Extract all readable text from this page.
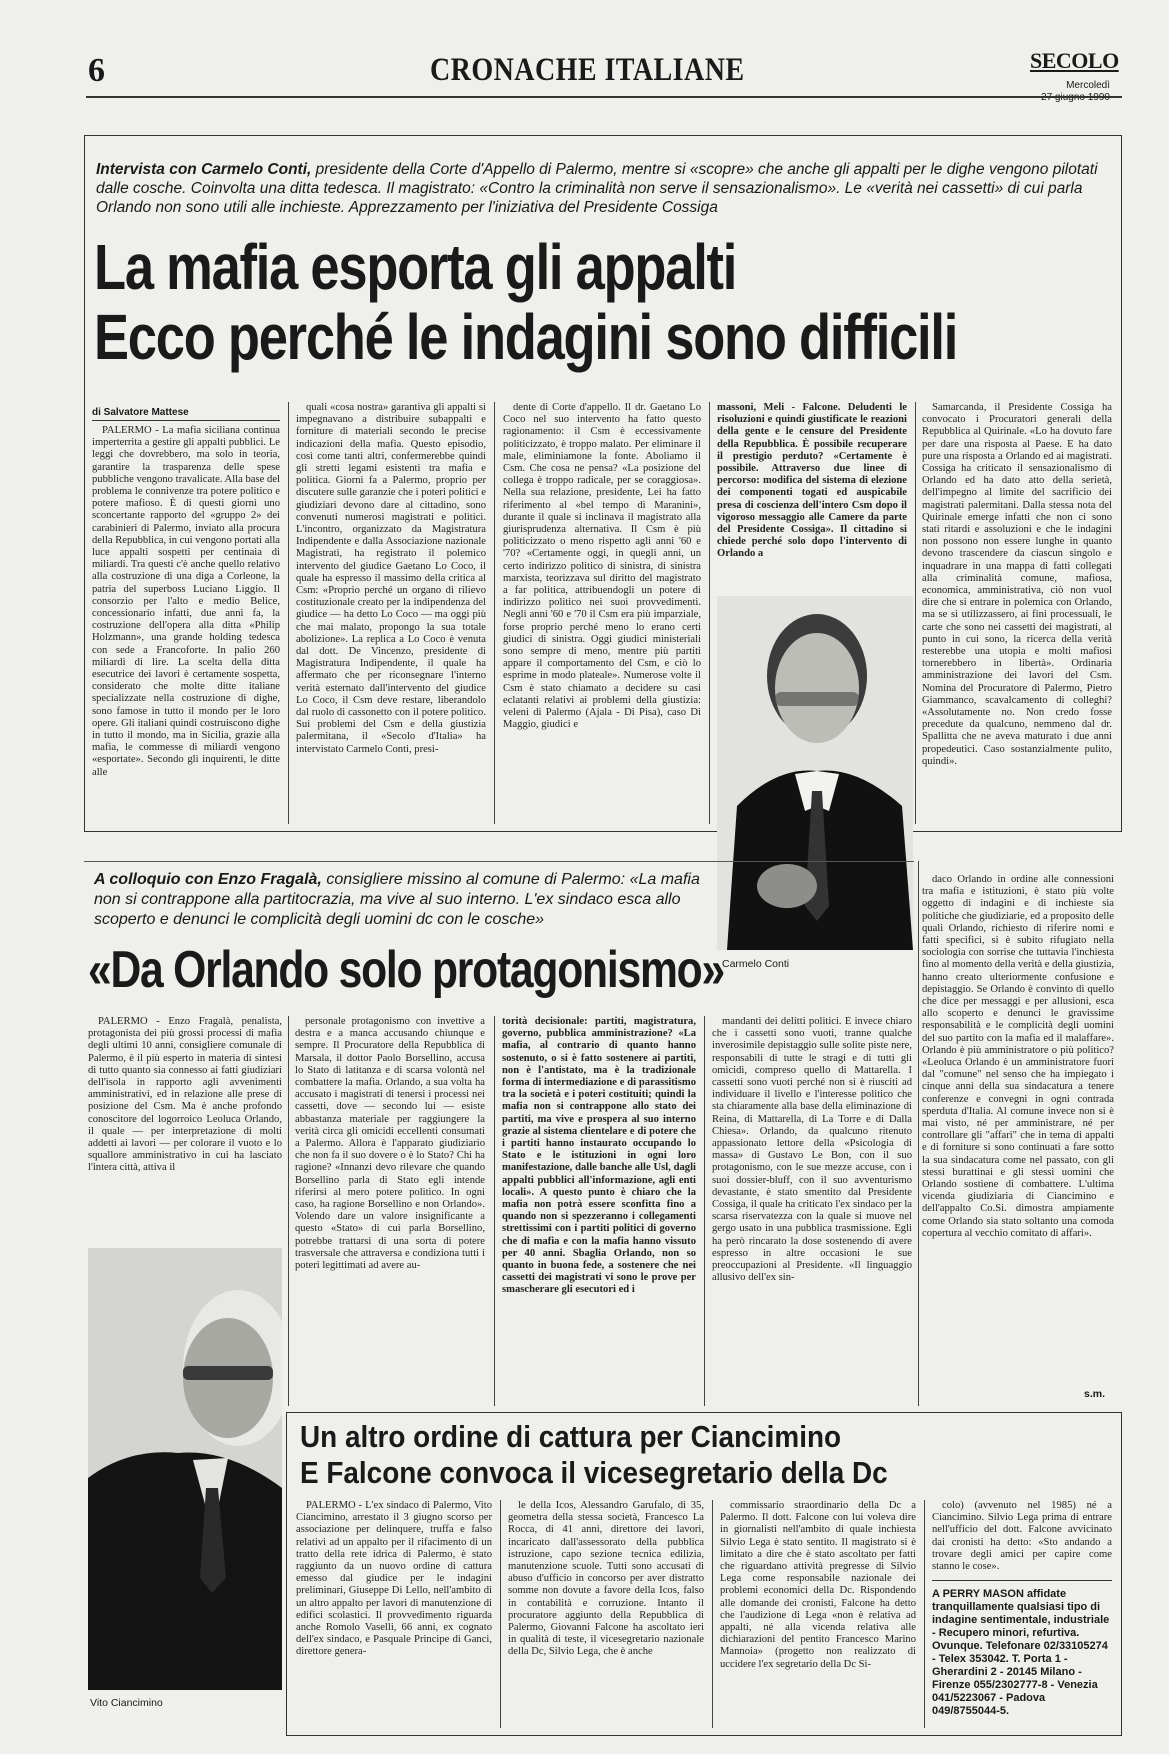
6	CRONACHE ITALIANE	SECOLO
Mercoledì
Intervista con Carmelo Conti, presidente della Corte d'Appello di Palermo, mentre si «scopre» che anche gli appalti per le dighe vengono pilotati dalle cosche. Coinvolta una ditta tedesca. Il magistrato: «Contro la criminalità non serve il sensazionalismo». Le «verità nei cassetti» di cui parla Orlando non sono utili alle inchieste. Apprezzamento per l'iniziativa del Presidente Cossiga
La mafia esporta gli appalti
Ecco perché le indagini sono difficili
di Salvatore Mattese

PALERMO - La mafia siciliana continua imperterrita a gestire gli appalti pubblici. Le leggi che dovrebbero, ma solo in teoria, garantire la trasparenza delle spese pubbliche vengono travalicate. Alla base del problema le connivenze tra potere politico e potere mafioso. È di questi giorni uno sconcertante rapporto del «gruppo 2» dei carabinieri di Palermo, inviato alla procura della Repubblica, in cui vengono portati alla luce appalti sospetti per centinaia di miliardi. Tra questi c'è anche quello relativo alla costruzione di una diga a Corleone, la patria del superboss Luciano Liggio. Il consorzio per l'alto e medio Belice, concessionario infatti, due anni fa, la costruzione dell'opera alla ditta «Philip Holzmann», una grande holding tedesca con sede a Francoforte. In palio 260 miliardi di lire. La scelta della ditta esecutrice dei lavori è certamente sospetta, considerato che molte ditte italiane specializzate nella costruzione di dighe, sono famose in tutto il mondo per le loro opere. Gli italiani quindi costruiscono dighe in tutto il mondo, ma in Sicilia, grazie alla mafia, le commesse di miliardi vengono «esportate». Secondo gli inquirenti, le ditte alle

quali «cosa nostra» garantiva gli appalti si impegnavano a distribuire subappalti e forniture di materiali secondo le precise indicazioni della mafia. Questo episodio, così come tanti altri, confermerebbe quindi gli stretti legami esistenti tra mafia e politica. Giorni fa a Palermo, proprio per discutere sulle garanzie che i poteri politici e giudiziari devono dare al cittadino, sono convenuti numerosi magistrati e politici. L'incontro, organizzato da Magistratura Indipendente e dalla Associazione nazionale Magistrati, ha registrato il polemico intervento del giudice Gaetano Lo Coco, il quale ha espresso il massimo della critica al Csm: «Proprio perché un organo di rilievo costituzionale creato per la indipendenza del giudice — ha detto Lo Coco — ma oggi più che mai malato, propongo la sua totale abolizione». La replica a Lo Coco è venuta dal dott. De Vincenzo, presidente di Magistratura Indipendente, il quale ha affermato che per riconsegnare l'interno verità esternato dall'intervento del giudice Lo Coco, il Csm deve restare, liberandolo dal ruolo di cassonetto con il potere politico. Sui problemi del Csm e della giustizia palermitana, il «Secolo d'Italia» ha intervistato Carmelo Conti, presi-

dente di Corte d'appello. Il dr. Gaetano Lo Coco nel suo intervento ha fatto questo ragionamento: il Csm è eccessivamente politicizzato, è troppo malato. Per eliminare il male, eliminiamone la fonte. Aboliamo il Csm. Che cosa ne pensa? «La posizione del collega è troppo radicale, per se coraggiosa». Nella sua relazione, presidente, Lei ha fatto riferimento al «bel tempo di Maranini», durante il quale si inclinava il magistrato alla giurisprudenza alternativa. Il Csm è più politicizzato o meno rispetto agli anni '60 e '70? «Certamente oggi, in quegli anni, un certo indirizzo politico di sinistra, di sinistra marxista, teorizzava sul diritto del magistrato a far politica, attribuendogli un potere di indirizzo politico nei suoi provvedimenti. Negli anni '60 e '70 il Csm era più imparziale, forse proprio perché meno lo erano certi giudici di sinistra. Oggi giudici ministeriali sono sempre di meno, mentre più partiti appare il comportamento del Csm, e ciò lo esprime in modo plateale». Numerose volte il Csm è stato chiamato a decidere su casi eclatanti relativi ai problemi della giustizia: veleni di Palermo (Ajala - Di Pisa), caso Di Maggio, giudici e

massoni, Meli - Falcone. Deludenti le risoluzioni e quindi giustificate le reazioni della gente e le censure del Presidente della Repubblica. È possibile recuperare il prestigio perduto? «Certamente è possibile. Attraverso due linee di percorso: modifica del sistema di elezione dei componenti togati ed auspicabile presa di coscienza dell'intero Csm dopo il vigoroso messaggio alle Camere da parte del Presidente Cossiga». Il cittadino si chiede perché solo dopo l'intervento di Orlando a

Samarcanda, il Presidente Cossiga ha convocato i Procuratori generali della Repubblica al Quirinale. «Lo ha dovuto fare per dare una risposta al Paese. E ha dato pure una risposta a Orlando ed ai magistrati. Cossiga ha criticato il sensazionalismo di Orlando ed ha dato atto della serietà, dell'impegno al limite del sacrificio dei magistrati palermitani. Dalla stessa nota del Quirinale emerge infatti che non ci sono stati ritardi e assoluzioni e che le indagini non possono non essere lunghe in quanto devono trascendere da ciascun singolo e inquadrare in una mappa di fatti collegati alla criminalità comune, mafiosa, economica, amministrativa, ciò non vuol dire che si entrare in polemica con Orlando, ma se si utilizzassero, ai fini processuali, le carte che sono nei cassetti dei magistrati, al punto in cui sono, la ricerca della verità resterebbe una utopia e molti mafiosi tornerebbero in libertà». Ordinaria amministrazione dei lavori del Csm. Nomina del Procuratore di Palermo, Pietro Giammanco, scavalcamento di colleghi? «Assolutamente no. Non credo fosse precedute da qualcuno, nemmeno dal dr. Spallitta che ne aveva maturato i due anni propedeutici. Caso sostanzialmente pulito, quindi».

Carmelo Conti
A colloquio con Enzo Fragalà, consigliere missino al comune di Palermo: «La mafia non si contrappone alla partitocrazia, ma vive al suo interno. L'ex sindaco esca allo scoperto e denunci le complicità degli uomini dc con le cosche»
«Da Orlando solo protagonismo»

PALERMO - Enzo Fragalà, penalista, protagonista dei più grossi processi di mafia degli ultimi 10 anni, consigliere comunale di Palermo, è il più esperto in materia di sintesi di tutto quanto sia connesso ai fatti giudiziari dell'isola in rapporto agli avvenimenti amministrativi, ed in relazione alle prese di posizione del Csm. Ma è anche profondo conoscitore del logorroico Leoluca Orlando, il quale — per interpretazione di molti addetti ai lavori — per colorare il vuoto e lo squallore amministrativo in cui ha lasciato l'intera città, attiva il

personale protagonismo con invettive a destra e a manca accusando chiunque e sempre. Il Procuratore della Repubblica di Marsala, il dottor Paolo Borsellino, accusa lo Stato di latitanza e di scarsa volontà nel combattere la mafia. Orlando, a sua volta ha accusato i magistrati di tenersi i processi nei cassetti, dove — secondo lui — esiste abbastanza materiale per raggiungere la verità circa gli omicidi eccellenti consumati a Palermo. Allora è l'apparato giudiziario che non fa il suo dovere o è lo Stato? Chi ha ragione? «Innanzi devo rilevare che quando Borsellino parla di Stato egli intende riferirsi al mero potere politico. In ogni caso, ha ragione Borsellino e non Orlando». Volendo dare un valore insignificante a questo «Stato» di cui parla Borsellino, potrebbe trattarsi di una sorta di potere trasversale che attraversa e condiziona tutti i poteri legittimati ad avere au-

torità decisionale: partiti, magistratura, governo, pubblica amministrazione? «La mafia, al contrario di quanto hanno sostenuto, o si è fatto sostenere ai partiti, non è l'antistato, ma è la tradizionale forma di intermediazione e di parassitismo tra la società e i poteri costituiti; quindi la mafia non si contrappone allo stato dei partiti, ma vive e prospera al suo interno grazie al sistema clientelare e di potere che i partiti hanno instaurato occupando lo Stato e le istituzioni in ogni loro manifestazione, dalle banche alle Usl, dagli appalti pubblici all'informazione, agli enti locali». A questo punto è chiaro che la mafia non potrà essere sconfitta fino a quando non si spezzeranno i collegamenti strettissimi con i partiti politici di governo che di mafia e con la mafia hanno vissuto per 40 anni. Sbaglia Orlando, non so quanto in buona fede, a sostenere che nei cassetti dei magistrati vi sono le prove per smascherare gli esecutori ed i

mandanti dei delitti politici. È invece chiaro che i cassetti sono vuoti, tranne qualche inverosimile depistaggio sulle solite piste nere, responsabili di tutte le stragi e di tutti gli omicidi, compreso quello di Mattarella. I cassetti sono vuoti perché non si è riusciti ad individuare il livello e l'interesse politico che sta chiaramente alla base della eliminazione di Reina, di Mattarella, di La Torre e di Dalla Chiesa». Orlando, da qualcuno ritenuto appassionato lettore della «Psicologia di massa» di Gustavo Le Bon, con il suo protagonismo, con le sue mezze accuse, con i suoi dossier-bluff, con il suo avventurismo devastante, è stato smentito dal Presidente Cossiga, il quale ha criticato l'ex sindaco per la scarsa riservatezza con la quale si muove nel gergo usato in una pubblica trasmissione. Egli ha però rincarato la dose sostenendo di avere espresso in altre occasioni le sue preoccupazioni al Presidente. «Il linguaggio allusivo dell'ex sin-

daco Orlando in ordine alle connessioni tra mafia e istituzioni, è stato più volte oggetto di indagini e di inchieste sia politiche che giudiziarie, ed a proposito delle quali Orlando, richiesto di riferire nomi e fatti specifici, si è subito rifugiato nella sociologia con sorrise che tuttavia l'inchiesta fino al momento della verità e della giustizia, hanno creato ulteriormente confusione e depistaggio. Se Orlando è convinto di quello che dice per messaggi e per allusioni, esca allo scoperto e denunci le gravissime responsabilità e le complicità degli uomini del suo partito con la mafia ed il malaffare». Orlando è più amministratore o più politico? «Leoluca Orlando è un amministratore fuori dal "comune" nel senso che ha impiegato i cinque anni della sua sindacatura a tenere conferenze e convegni in ogni contrada sperduta d'Italia. Al comune invece non si è mai visto, né per amministrare, né per controllare gli "affari" che in tema di appalti e di forniture si sono continuati a fare sotto la sua sindacatura come nel passato, con gli stessi burattinai e gli stessi uomini che Orlando sostiene di combattere. L'ultima vicenda giudiziaria di Ciancimino e dell'appalto Co.Si. dimostra ampiamente come Orlando sia stato soltanto una comoda copertura al vecchio comitato di affari».

s.m.
Vito Ciancimino
Un altro ordine di cattura per Ciancimino
E Falcone convoca il vicesegretario della Dc

PALERMO - L'ex sindaco di Palermo, Vito Ciancimino, arrestato il 3 giugno scorso per associazione per delinquere, truffa e falso relativi ad un appalto per il rifacimento di un tratto della rete idrica di Palermo, è stato raggiunto da un nuovo ordine di cattura emesso dal giudice per le indagini preliminari, Giuseppe Di Lello, nell'ambito di un altro appalto per lavori di manutenzione di edifici scolastici. Il provvedimento riguarda anche Romolo Vaselli, 66 anni, ex cognato dell'ex sindaco, e Pasquale Principe di Ganci, direttore genera-

le della Icos, Alessandro Garufalo, di 35, geometra della stessa società, Francesco La Rocca, di 41 anni, direttore dei lavori, incaricato dall'assessorato della pubblica istruzione, capo sezione tecnica edilizia, manutenzione scuole. Tutti sono accusati di abuso d'ufficio in concorso per aver distratto somme non dovute a favore della Icos, falso in contabilità e corruzione. Intanto il procuratore aggiunto della Repubblica di Palermo, Giovanni Falcone ha ascoltato ieri in qualità di teste, il vicesegretario nazionale della Dc, Silvio Lega, che è anche

commissario straordinario della Dc a Palermo. Il dott. Falcone con lui voleva dire in giornalisti nell'ambito di quale inchiesta Silvio Lega è stato sentito. Il magistrato si è limitato a dire che è stato ascoltato per fatti che riguardano attività pregresse di Silvio Lega come responsabile nazionale dei problemi economici della Dc. Rispondendo alle domande dei cronisti, Falcone ha detto che l'audizione di Lega «non è relativa ad appalti, né alla vicenda relativa alle dichiarazioni del pentito Francesco Marino Mannoia» (progetto non realizzato di uccidere l'ex segretario della Dc Si-

colo) (avvenuto nel 1985) né a Ciancimino. Silvio Lega prima di entrare nell'ufficio del dott. Falcone avvicinato dai cronisti ha detto: «Sto andando a trovare degli amici per capire come stanno le cose».

A PERRY MASON affidate tranquillamente qualsiasi tipo di indagine sentimentale, industriale - Recupero minori, refurtiva. Ovunque. Telefonare 02/33105274 - Telex 353042. T. Porta 1 - Gherardini 2 - 20145 Milano - Firenze 055/2302777-8 - Venezia 041/5223067 - Padova 049/8755044-5.
